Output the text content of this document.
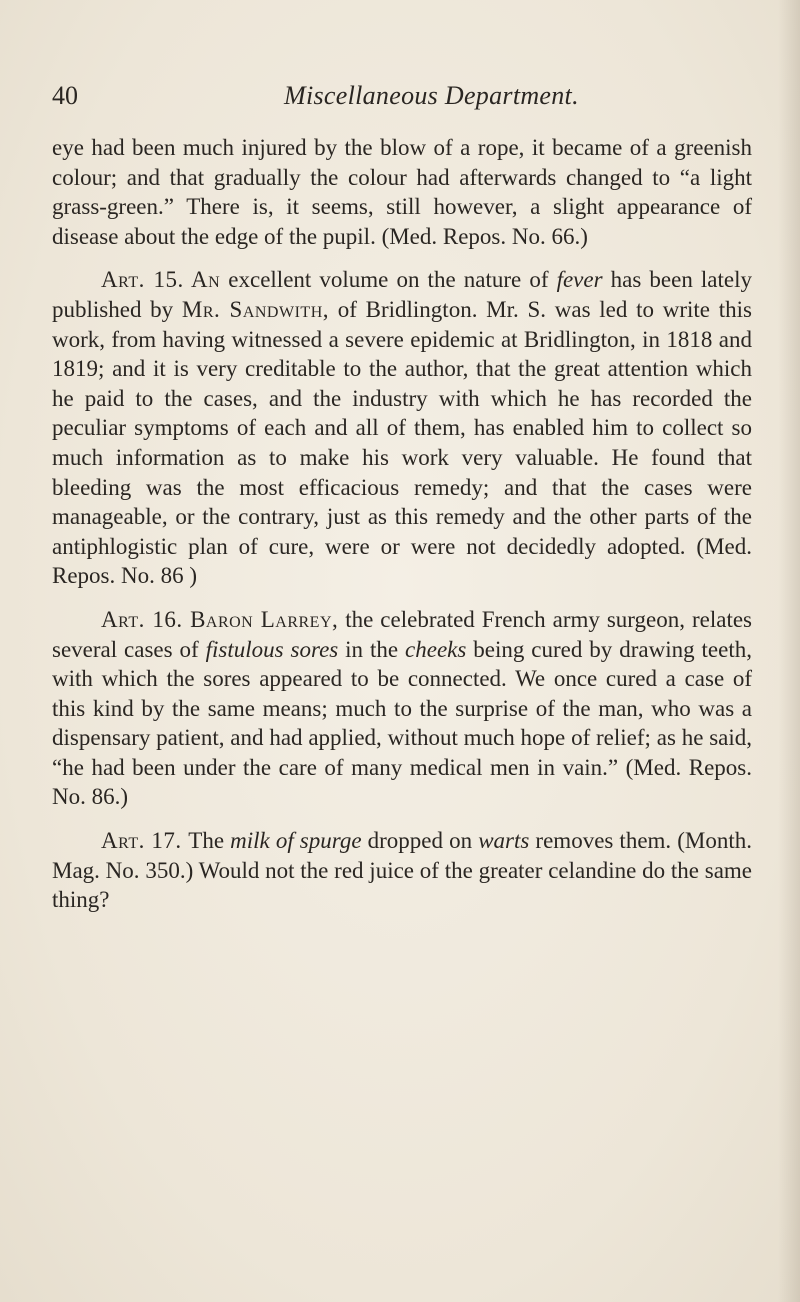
40	Miscellaneous Department.

eye had been much injured by the blow of a rope, it became of a greenish colour; and that gradually the colour had afterwards changed to “a light grass-green.” There is, it seems, still however, a slight appearance of disease about the edge of the pupil. (Med. Repos. No. 66.)

Art. 15. An excellent volume on the nature of fever has been lately published by Mr. Sandwith, of Bridlington. Mr. S. was led to write this work, from having witnessed a severe epidemic at Bridlington, in 1818 and 1819; and it is very creditable to the author, that the great attention which he paid to the cases, and the industry with which he has recorded the peculiar symptoms of each and all of them, has enabled him to collect so much information as to make his work very valuable. He found that bleeding was the most efficacious remedy; and that the cases were manageable, or the contrary, just as this remedy and the other parts of the antiphlogistic plan of cure, were or were not decidedly adopted. (Med. Repos. No. 86 )

Art. 16. Baron Larrey, the celebrated French army surgeon, relates several cases of fistulous sores in the cheeks being cured by drawing teeth, with which the sores appeared to be connected. We once cured a case of this kind by the same means; much to the surprise of the man, who was a dispensary patient, and had applied, without much hope of relief; as he said, “he had been under the care of many medical men in vain.” (Med. Repos. No. 86.)

Art. 17. The milk of spurge dropped on warts removes them. (Month. Mag. No. 350.) Would not the red juice of the greater celandine do the same thing?
